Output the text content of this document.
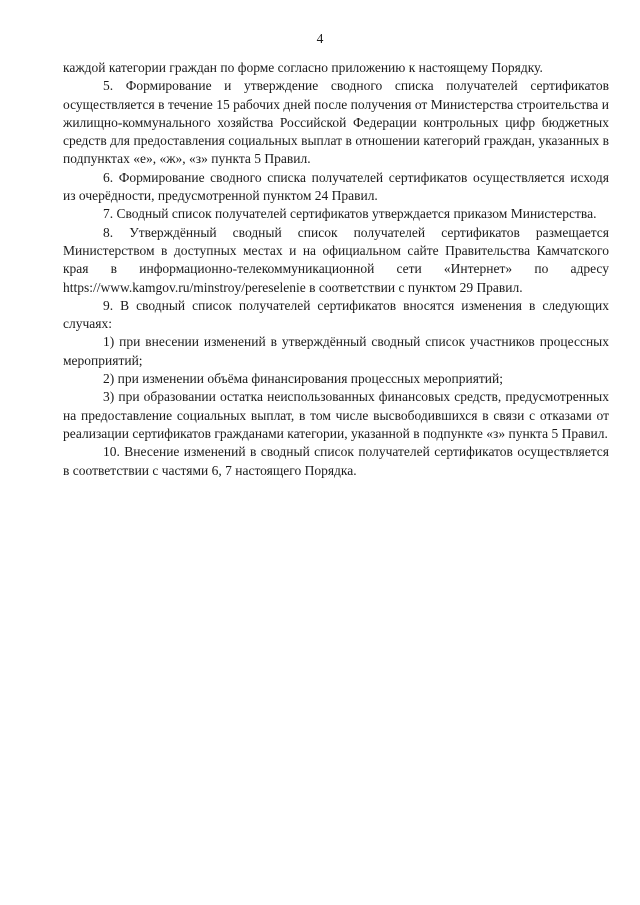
4

каждой категории граждан по форме согласно приложению к настоящему Порядку.

5. Формирование и утверждение сводного списка получателей сертификатов осуществляется в течение 15 рабочих дней после получения от Министерства строительства и жилищно-коммунального хозяйства Российской Федерации контрольных цифр бюджетных средств для предоставления социальных выплат в отношении категорий граждан, указанных в подпунктах «е», «ж», «з» пункта 5 Правил.

6. Формирование сводного списка получателей сертификатов осуществляется исходя из очерёдности, предусмотренной пунктом 24 Правил.

7. Сводный список получателей сертификатов утверждается приказом Министерства.

8. Утверждённый сводный список получателей сертификатов размещается Министерством в доступных местах и на официальном сайте Правительства Камчатского края в информационно-телекоммуникационной сети «Интернет» по адресу https://www.kamgov.ru/minstroy/pereselenie в соответствии с пунктом 29 Правил.

9. В сводный список получателей сертификатов вносятся изменения в следующих случаях:

1) при внесении изменений в утверждённый сводный список участников процессных мероприятий;

2) при изменении объёма финансирования процессных мероприятий;

3) при образовании остатка неиспользованных финансовых средств, предусмотренных на предоставление социальных выплат, в том числе высвободившихся в связи с отказами от реализации сертификатов гражданами категории, указанной в подпункте «з» пункта 5 Правил.

10. Внесение изменений в сводный список получателей сертификатов осуществляется в соответствии с частями 6, 7 настоящего Порядка.
